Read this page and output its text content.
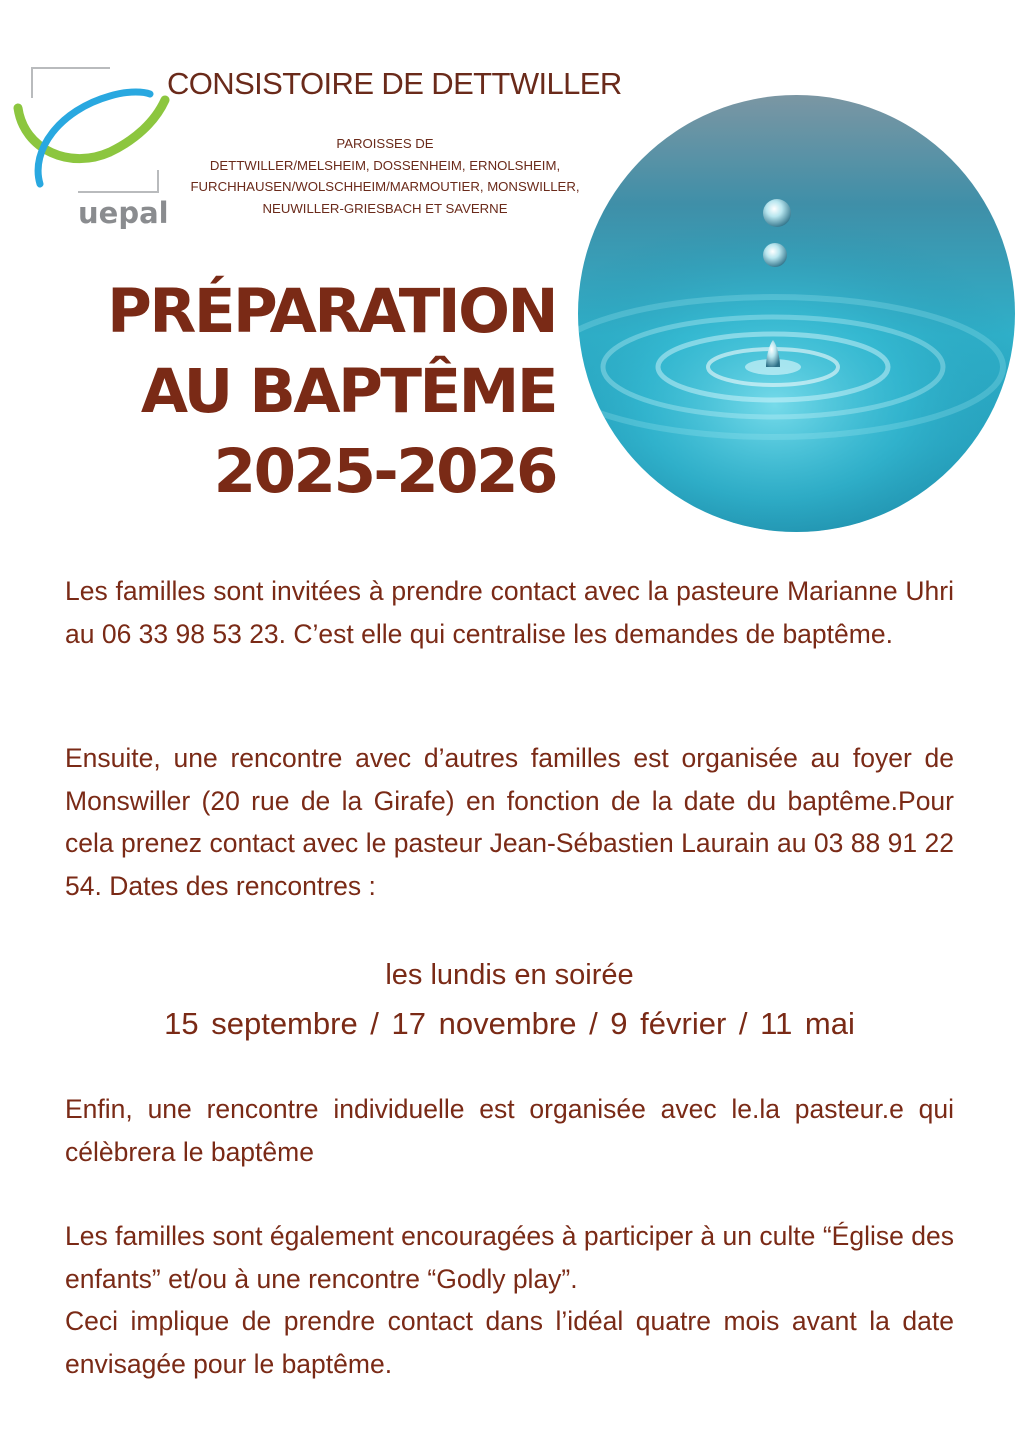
uepal
CONSISTOIRE DE DETTWILLER
PAROISSES DE
DETTWILLER/MELSHEIM, DOSSENHEIM, ERNOLSHEIM,
FURCHHAUSEN/WOLSCHHEIM/MARMOUTIER, MONSWILLER,
NEUWILLER-GRIESBACH ET SAVERNE
PRÉPARATION
AU BAPTÊME
2025-2026

Les familles sont invitées à prendre contact avec la pasteure Marianne Uhri au 06 33 98 53 23. C’est elle qui centralise les demandes de baptême.

Ensuite, une rencontre avec d’autres familles est organisée au foyer de Monswiller (20 rue de la Girafe) en fonction de la date du baptême.Pour cela prenez contact avec le pasteur Jean-Sébastien Laurain au 03 88 91 22 54. Dates des rencontres :

les lundis en soirée
15 septembre / 17 novembre / 9 février / 11 mai

Enfin, une rencontre individuelle est organisée avec le.la pasteur.e qui célèbrera le baptême

Les familles sont également encouragées à participer à un culte “Église des enfants” et/ou à une rencontre “Godly play”.
Ceci implique de prendre contact dans l’idéal quatre mois avant la date envisagée pour le baptême.
